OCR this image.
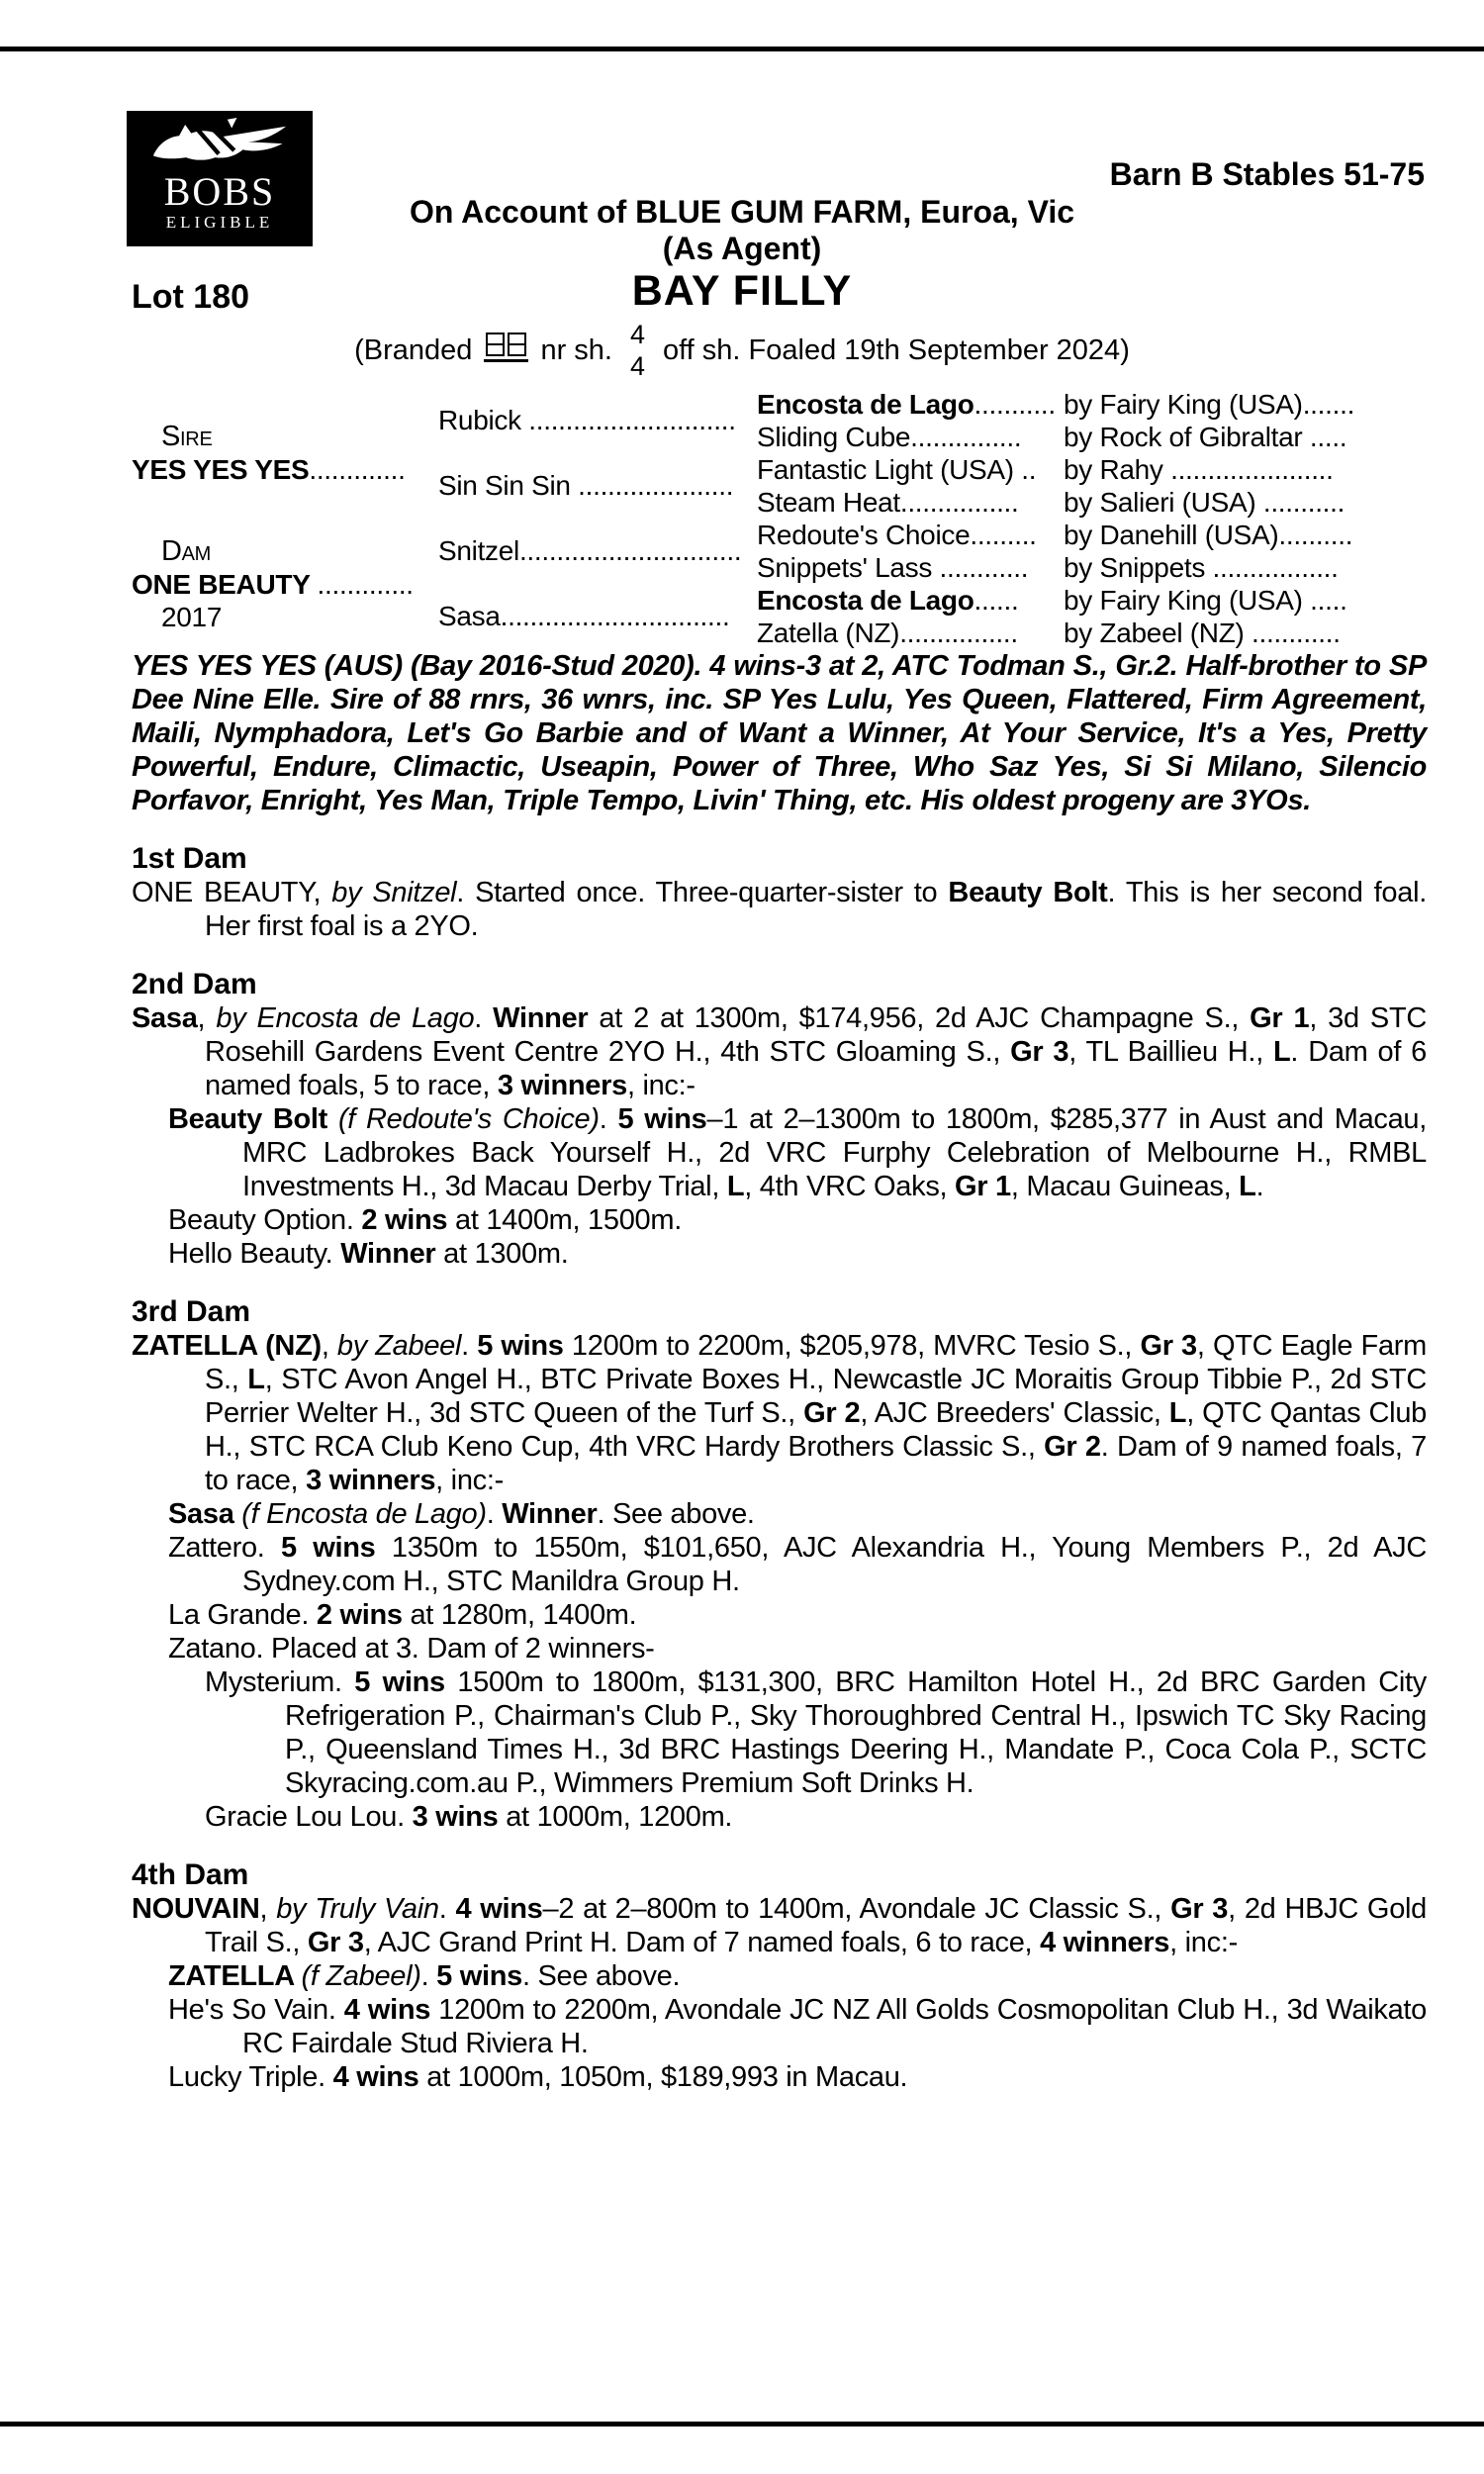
BOBS
ELIGIBLE
Barn B Stables 51-75
On Account of BLUE GUM FARM, Euroa, Vic
(As Agent)
Lot 180	BAY FILLY
(Branded nr sh. 4
4
off sh. Foaled 19th September 2024)
Sire
YES YES YES.............
Dam
ONE BEAUTY .............
2017
Rubick ............................
Sin Sin Sin .....................
Snitzel..............................
Sasa...............................
Encosta de Lago ...........
Sliding Cube...............
Fantastic Light (USA) ..
Steam Heat................
Redoute's Choice.........
Snippets' Lass ............
Encosta de Lago ......
Zatella (NZ)................
by Fairy King (USA).......
by Rock of Gibraltar .....
by Rahy ......................
by Salieri (USA) ...........
by Danehill (USA)..........
by Snippets .................
by Fairy King (USA) .....
by Zabeel (NZ) ............

YES YES YES (AUS) (Bay 2016-Stud 2020). 4 wins-3 at 2, ATC Todman S., Gr.2. Half-brother to SP Dee Nine Elle. Sire of 88 rnrs, 36 wnrs, inc. SP Yes Lulu, Yes Queen, Flattered, Firm Agreement, Maili, Nymphadora, Let's Go Barbie and of Want a Winner, At Your Service, It's a Yes, Pretty Powerful, Endure, Climactic, Useapin, Power of Three, Who Saz Yes, Si Si Milano, Silencio Porfavor, Enright, Yes Man, Triple Tempo, Livin' Thing, etc. His oldest progeny are 3YOs.

1st Dam

ONE BEAUTY, by Snitzel. Started once. Three-quarter-sister to Beauty Bolt. This is her second foal. Her first foal is a 2YO.

2nd Dam

Sasa, by Encosta de Lago. Winner at 2 at 1300m, $174,956, 2d AJC Champagne S., Gr 1, 3d STC Rosehill Gardens Event Centre 2YO H., 4th STC Gloaming S., Gr 3, TL Baillieu H., L. Dam of 6 named foals, 5 to race, 3 winners, inc:-

Beauty Bolt (f Redoute's Choice). 5 wins–1 at 2–1300m to 1800m, $285,377 in Aust and Macau, MRC Ladbrokes Back Yourself H., 2d VRC Furphy Celebration of Melbourne H., RMBL Investments H., 3d Macau Derby Trial, L, 4th VRC Oaks, Gr 1, Macau Guineas, L.

Beauty Option. 2 wins at 1400m, 1500m.

Hello Beauty. Winner at 1300m.

3rd Dam

ZATELLA (NZ), by Zabeel. 5 wins 1200m to 2200m, $205,978, MVRC Tesio S., Gr 3, QTC Eagle Farm S., L, STC Avon Angel H., BTC Private Boxes H., Newcastle JC Moraitis Group Tibbie P., 2d STC Perrier Welter H., 3d STC Queen of the Turf S., Gr 2, AJC Breeders' Classic, L, QTC Qantas Club H., STC RCA Club Keno Cup, 4th VRC Hardy Brothers Classic S., Gr 2. Dam of 9 named foals, 7 to race, 3 winners, inc:-

Sasa (f Encosta de Lago). Winner. See above.

Zattero. 5 wins 1350m to 1550m, $101,650, AJC Alexandria H., Young Members P., 2d AJC Sydney.com H., STC Manildra Group H.

La Grande. 2 wins at 1280m, 1400m.

Zatano. Placed at 3. Dam of 2 winners-

Mysterium. 5 wins 1500m to 1800m, $131,300, BRC Hamilton Hotel H., 2d BRC Garden City Refrigeration P., Chairman's Club P., Sky Thoroughbred Central H., Ipswich TC Sky Racing P., Queensland Times H., 3d BRC Hastings Deering H., Mandate P., Coca Cola P., SCTC Skyracing.com.au P., Wimmers Premium Soft Drinks H.

Gracie Lou Lou. 3 wins at 1000m, 1200m.

4th Dam

NOUVAIN, by Truly Vain. 4 wins–2 at 2–800m to 1400m, Avondale JC Classic S., Gr 3, 2d HBJC Gold Trail S., Gr 3, AJC Grand Print H. Dam of 7 named foals, 6 to race, 4 winners, inc:-

ZATELLA (f Zabeel). 5 wins. See above.

He's So Vain. 4 wins 1200m to 2200m, Avondale JC NZ All Golds Cosmopolitan Club H., 3d Waikato RC Fairdale Stud Riviera H.

Lucky Triple. 4 wins at 1000m, 1050m, $189,993 in Macau.
